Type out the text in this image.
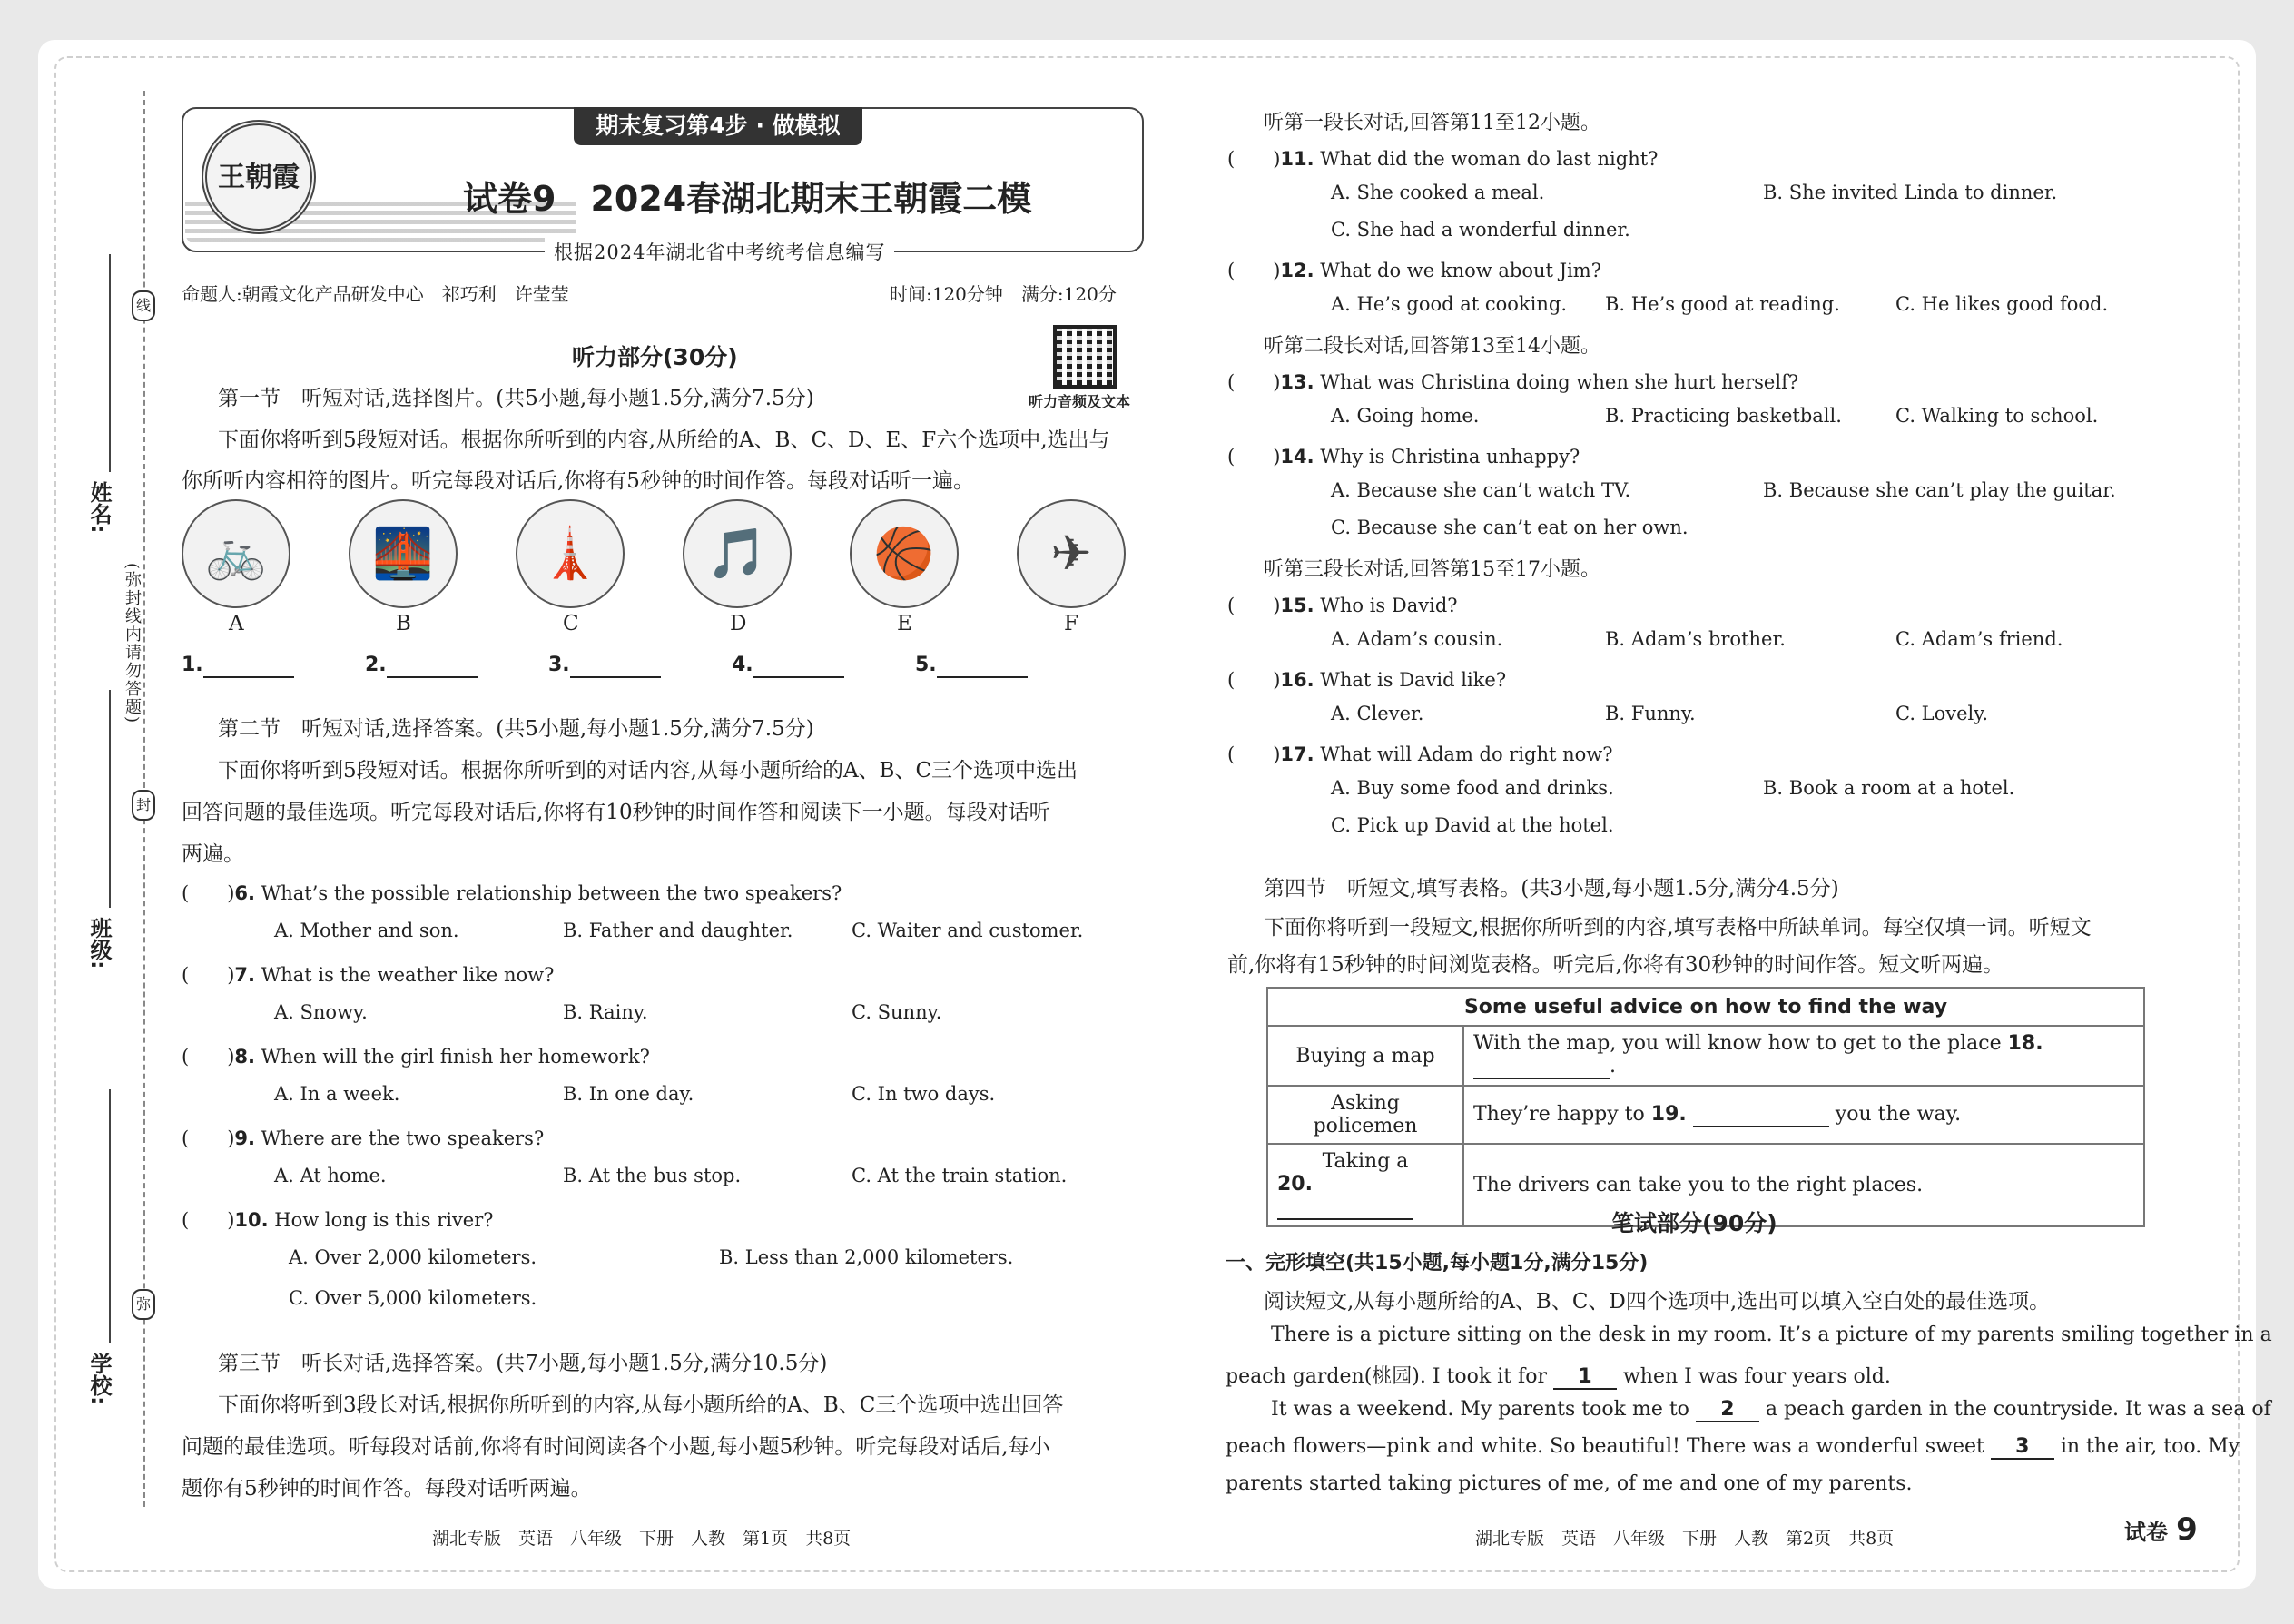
线
封
弥
(弥封线内请勿答题)
姓名:
班级:
学校:
王朝霞
期末复习第4步 · 做模拟
试卷9　2024春湖北期末王朝霞二模
根据2024年湖北省中考统考信息编写
命题人:朝霞文化产品研发中心　祁巧利　许莹莹	时间:120分钟　满分:120分
听力音频及文本
听力部分(30分)
第一节　听短对话,选择图片。(共5小题,每小题1.5分,满分7.5分)
下面你将听到5段短对话。根据你所听到的内容,从所给的A、B、C、D、E、F六个选项中,选出与
你所听内容相符的图片。听完每段对话后,你将有5秒钟的时间作答。每段对话听一遍。
🚲	🌉	🗼	🎵	🏀	✈
A	B	C	D	E	F
1.	2.	3.	4.	5.
第二节　听短对话,选择答案。(共5小题,每小题1.5分,满分7.5分)
下面你将听到5段短对话。根据你所听到的对话内容,从每小题所给的A、B、C三个选项中选出
回答问题的最佳选项。听完每段对话后,你将有10秒钟的时间作答和阅读下一小题。每段对话听
两遍。
(　　)6. What’s the possible relationship between the two speakers?
A. Mother and son.	B. Father and daughter.	C. Waiter and customer.
(　　)7. What is the weather like now?
A. Snowy.	B. Rainy.	C. Sunny.
(　　)8. When will the girl finish her homework?
A. In a week.	B. In one day.	C. In two days.
(　　)9. Where are the two speakers?
A. At home.	B. At the bus stop.	C. At the train station.
(　　)10. How long is this river?
A. Over 2,000 kilometers.	B. Less than 2,000 kilometers.
C. Over 5,000 kilometers.
第三节　听长对话,选择答案。(共7小题,每小题1.5分,满分10.5分)
下面你将听到3段长对话,根据你所听到的内容,从每小题所给的A、B、C三个选项中选出回答
问题的最佳选项。听每段对话前,你将有时间阅读各个小题,每小题5秒钟。听完每段对话后,每小
题你有5秒钟的时间作答。每段对话听两遍。
湖北专版　英语　八年级　下册　人教　第1页　共8页
听第一段长对话,回答第11至12小题。
(　　)11. What did the woman do last night?
A. She cooked a meal.	B. She invited Linda to dinner.
C. She had a wonderful dinner.
(　　)12. What do we know about Jim?
A. He’s good at cooking. B. He’s good at reading.	C. He likes good food.
听第二段长对话,回答第13至14小题。
(　　)13. What was Christina doing when she hurt herself?
A. Going home.	B. Practicing basketball.	C. Walking to school.
(　　)14. Why is Christina unhappy?
A. Because she can’t watch TV.	B. Because she can’t play the guitar.
C. Because she can’t eat on her own.
听第三段长对话,回答第15至17小题。
(　　)15. Who is David?
A. Adam’s cousin.	B. Adam’s brother.	C. Adam’s friend.
(　　)16. What is David like?
A. Clever.	B. Funny.	C. Lovely.
(　　)17. What will Adam do right now?
A. Buy some food and drinks.	B. Book a room at a hotel.
C. Pick up David at the hotel.
第四节　听短文,填写表格。(共3小题,每小题1.5分,满分4.5分)
下面你将听到一段短文,根据你所听到的内容,填写表格中所缺单词。每空仅填一词。听短文
前,你将有15秒钟的时间浏览表格。听完后,你将有30秒钟的时间作答。短文听两遍。
Some useful advice on how to find the way	
Buying a map	With the map, you will know how to get to the place 18.  .
Asking policemen	They’re happy to 19. you the way.

Taking a
20.	The drivers can take you to the right places.
笔试部分(90分)
一、完形填空(共15小题,每小题1分,满分15分)
阅读短文,从每小题所给的A、B、C、D四个选项中,选出可以填入空白处的最佳选项。
There is a picture sitting on the desk in my room. It’s a picture of my parents smiling together in a
peach garden(桃园). I took it for 1 when I was four years old.
It was a weekend. My parents took me to 2 a peach garden in the countryside. It was a sea of
peach flowers—pink and white. So beautiful! There was a wonderful sweet 3 in the air, too. My
parents started taking pictures of me, of me and one of my parents.
湖北专版　英语　八年级　下册　人教　第2页　共8页	试卷 9
